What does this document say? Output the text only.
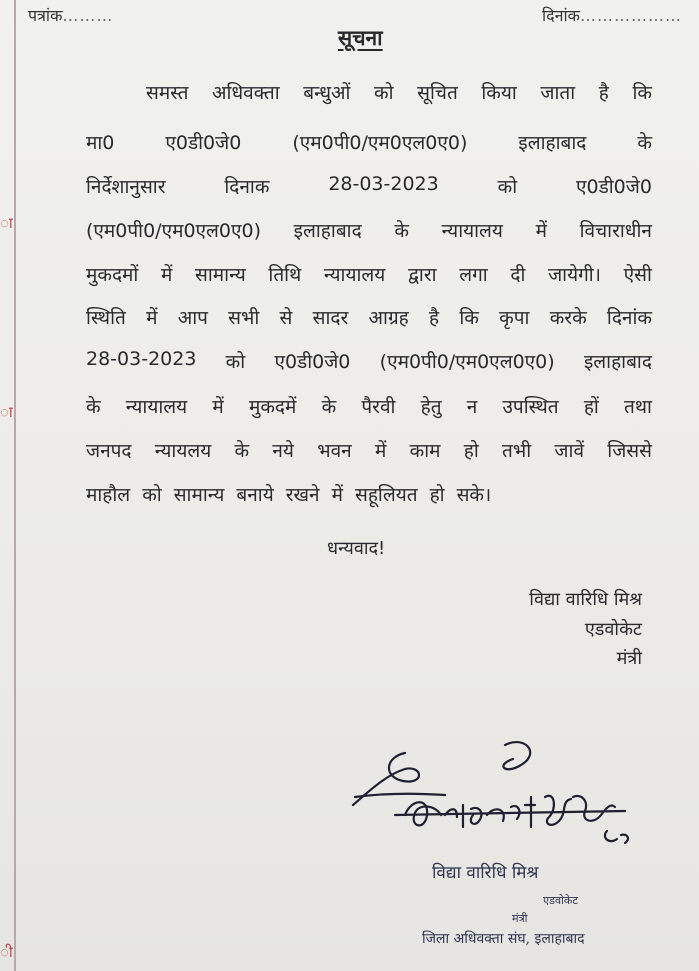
ा
ा
ी
पत्रांक………	दिनांक………………
सूचना
समस्त अधिवक्ता बन्धुओं को सूचित किया जाता है कि
मा0	ए0डी0जे0	(एम0पी0/एम0एल0ए0)	इलाहाबाद	के
निर्देशानुसार	दिनाक	28-03-2023	को	ए0डी0जे0
(एम0पी0/एम0एल0ए0) इलाहाबाद के न्यायालय में विचाराधीन
मुकदमों में सामान्य तिथि न्यायालय द्वारा लगा दी जायेगी। ऐसी
स्थिति में आप सभी से सादर आग्रह है कि कृपा करके दिनांक
28-03-2023 को ए0डी0जे0 (एम0पी0/एम0एल0ए0) इलाहाबाद
के न्यायालय में मुकदमें के पैरवी हेतु न उपस्थित हों तथा
जनपद न्यायलय के नये भवन में काम हो तभी जावें जिससे
माहौल को सामान्य बनाये रखने में सहूलियत हो सके।
धन्यवाद!
विद्या वारिधि मिश्र
एडवोकेट
मंत्री
विद्या वारिधि मिश्र
एडवोकेट
मंत्री
जिला अधिवक्ता संघ, इलाहाबाद
